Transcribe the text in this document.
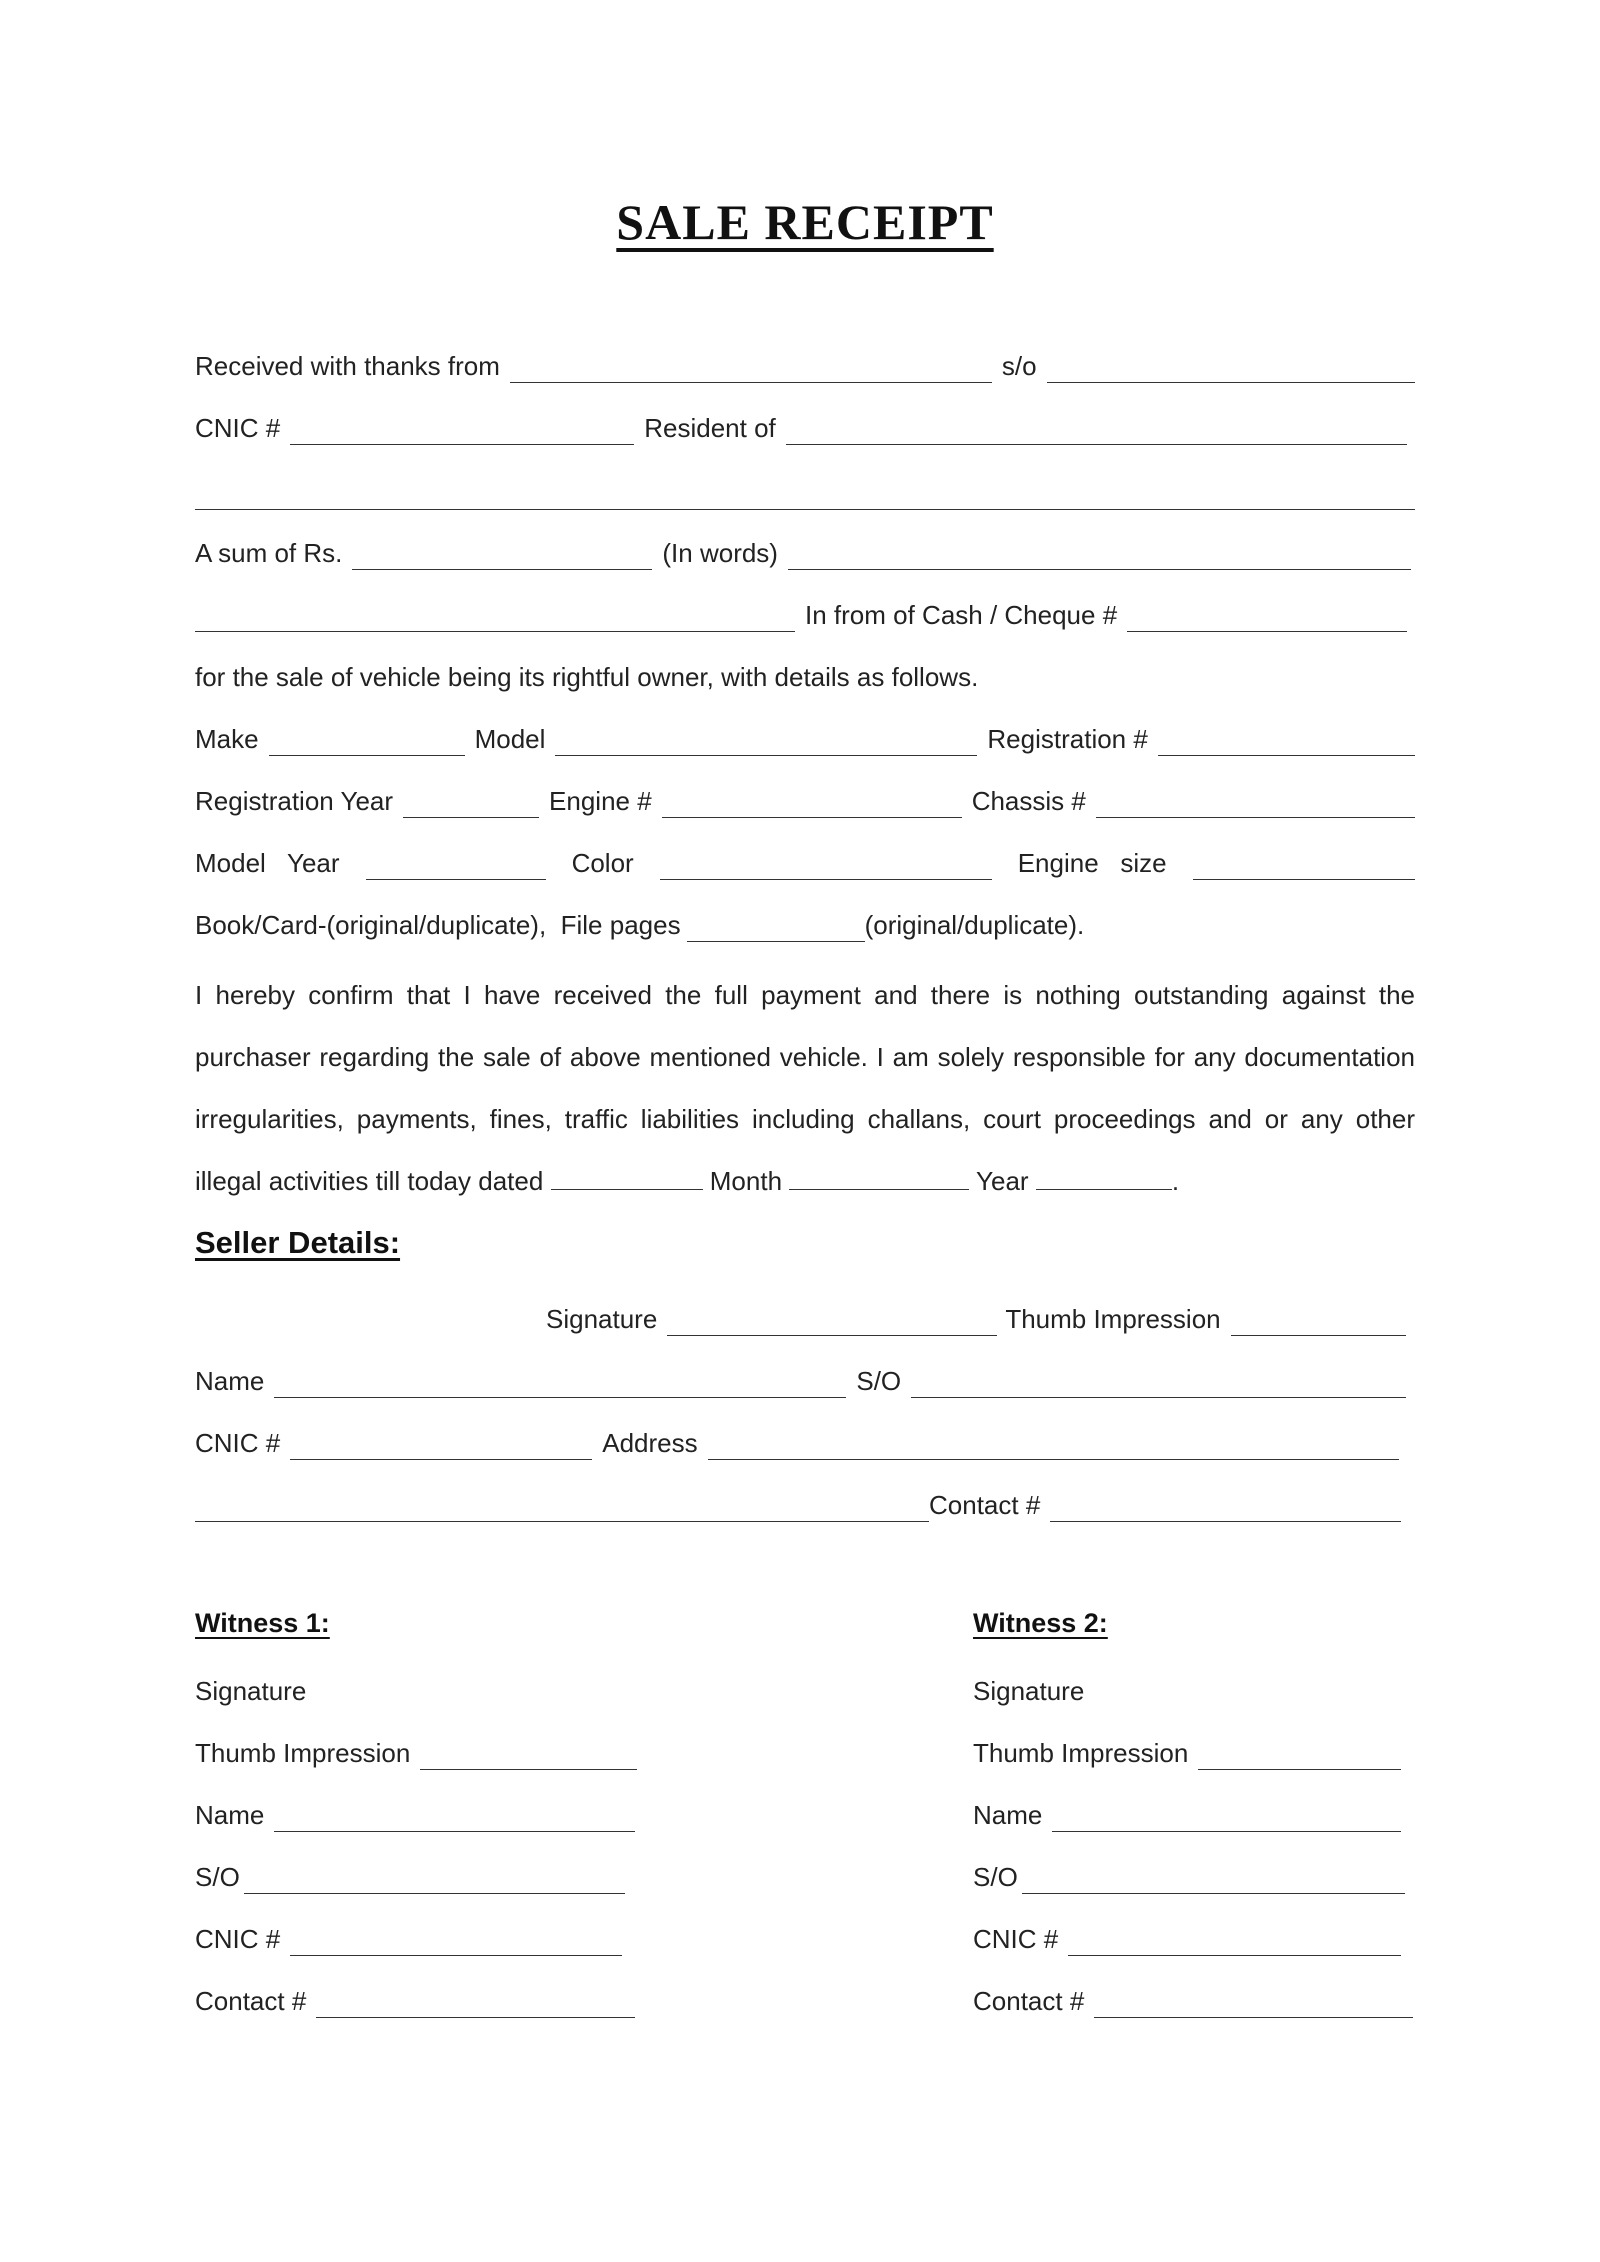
SALE RECEIPT
Received with thanks from	s/o
CNIC #	Resident of
A sum of Rs.	(In words)
In from of Cash / Cheque #
for the sale of vehicle being its rightful owner, with details as follows.
Make	Model	Registration #
Registration Year	Engine #	Chassis #
Model   Year	Color	Engine   size
Book/Card-(original/duplicate),  File pages	(original/duplicate).
I hereby confirm that I have received the full payment and there is nothing outstanding against the purchaser regarding the sale of above mentioned vehicle. I am solely responsible for any documentation irregularities, payments, fines, traffic liabilities including challans, court proceedings and or any other illegal activities till today dated	Month	Year	.
Seller Details:
Signature	Thumb Impression
Name	S/O
CNIC #	Address
Contact #
Witness 1:
Signature
Thumb Impression
Name
S/O
CNIC #
Contact #
Witness 2:
Signature
Thumb Impression
Name
S/O
CNIC #
Contact #
